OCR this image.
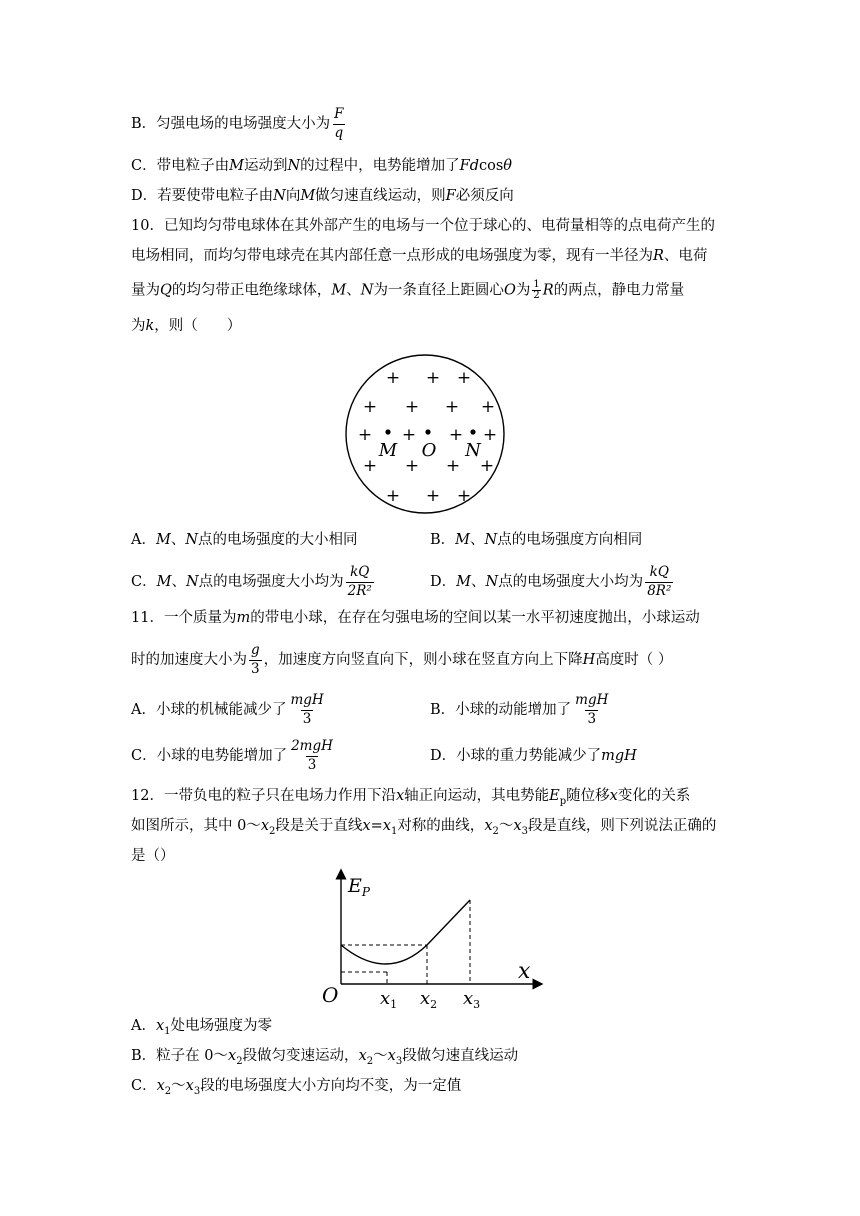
B．匀强电场的电场强度大小为 $\frac{F}{q}$
C．带电粒子由M运动到N的过程中，电势能增加了Fdcosθ
D．若要使带电粒子由N向M做匀速直线运动，则F必须反向
10．已知均匀带电球体在其外部产生的电场与一个位于球心的、电荷量相等的点电荷产生的
电场相同，而均匀带电球壳在其内部任意一点形成的电场强度为零，现有一半径为R、电荷
量为Q的均匀带正电绝缘球体，M、N为一条直径上距圆心O为 $\frac{1}{2}$ R的两点，静电力常量
为k，则（　　）
+ + +
+ + + +
+ + + +
+ + + +
+ + +
M O N
A．M、N点的电场强度的大小相同	B．M、N点的电场强度方向相同
C．M、N点的电场强度大小均为 $\frac{kQ}{\text{2R²}}$	D．M、N点的电场强度大小均为 $\frac{kQ}{\text{8R²}}$
11．一个质量为m的带电小球，在存在匀强电场的空间以某一水平初速度抛出，小球运动
时的加速度大小为 $\frac{g}{3}$ ，加速度方向竖直向下，则小球在竖直方向上下降H高度时（ ）
A．小球的机械能减少了 $\frac{\text{mgH}}{3}$	B．小球的动能增加了 $\frac{\text{mgH}}{3}$
C．小球的电势能增加了 $\frac{\text{2mgH}}{3}$	D．小球的重力势能减少了mgH
12．一带负电的粒子只在电场力作用下沿x轴正向运动，其电势能$E_p$随位移x变化的关系
如图所示，其中 $0\sim x_2$段是关于直线$x=x_1$对称的曲线，$x_2\sim x_3$段是直线，则下列说法正确的
是（）
$E_P$
x
O $x_1$ $x_2$ $x_3$
A．$x_1$处电场强度为零
B．粒子在 $0\sim x_2$段做匀变速运动，$x_2\sim x_3$段做匀速直线运动
C．$x_2\sim x_3$段的电场强度大小方向均不变，为一定值
